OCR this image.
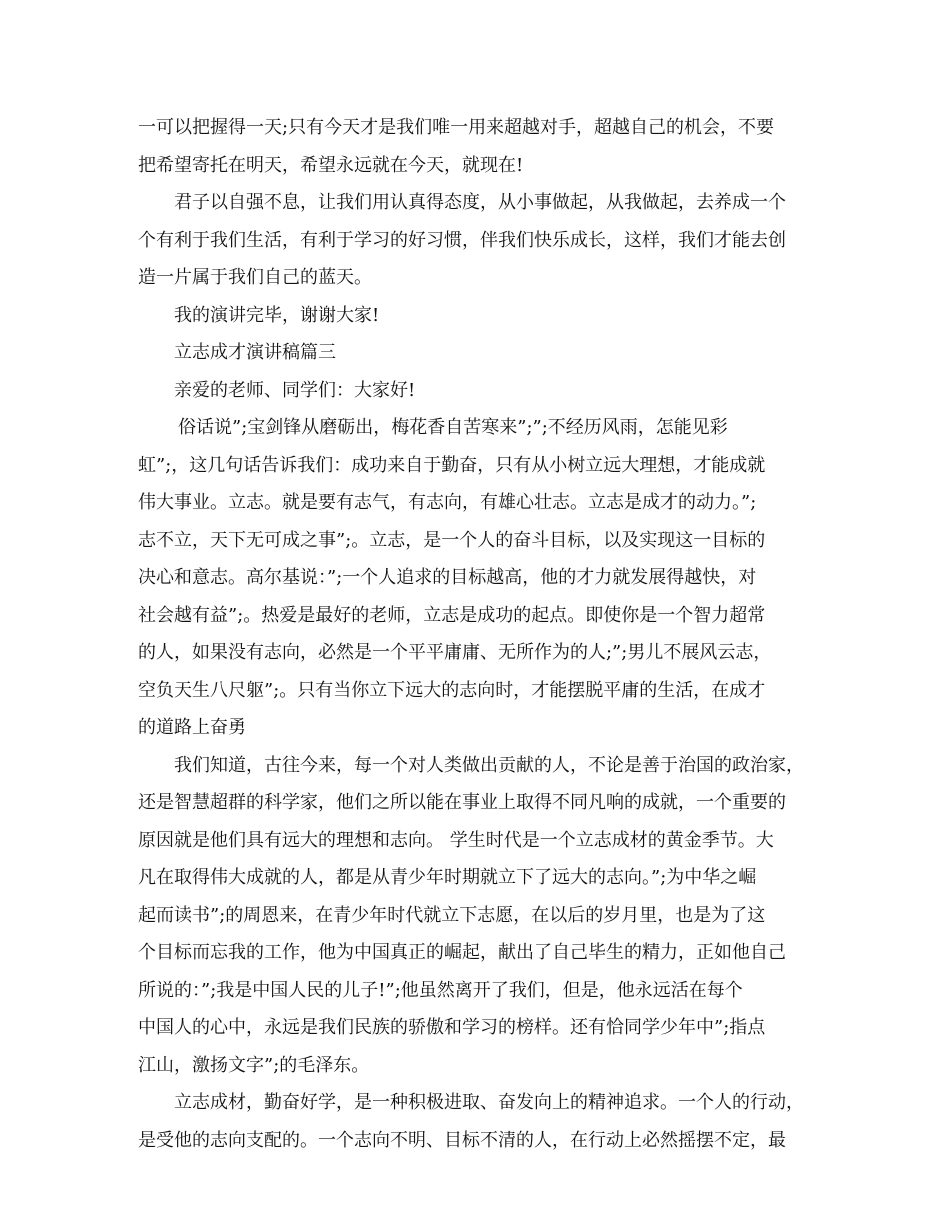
一可以把握得一天;只有今天才是我们唯一用来超越对手，超越自己的机会，不要

把希望寄托在明天，希望永远就在今天，就现在!

君子以自强不息，让我们用认真得态度，从小事做起，从我做起，去养成一个

个有利于我们生活，有利于学习的好习惯，伴我们快乐成长，这样，我们才能去创

造一片属于我们自己的蓝天。

我的演讲完毕，谢谢大家!

立志成才演讲稿篇三

亲爱的老师、同学们：大家好!

俗话说”;宝剑锋从磨砺出，梅花香自苦寒来”;”;不经历风雨，怎能见彩

虹”;，这几句话告诉我们：成功来自于勤奋，只有从小树立远大理想，才能成就

伟大事业。立志。就是要有志气，有志向，有雄心壮志。立志是成才的动力。”;

志不立，天下无可成之事”;。立志，是一个人的奋斗目标，以及实现这一目标的

决心和意志。高尔基说：”;一个人追求的目标越高，他的才力就发展得越快，对

社会越有益”;。热爱是最好的老师，立志是成功的起点。即使你是一个智力超常

的人，如果没有志向，必然是一个平平庸庸、无所作为的人;”;男儿不展风云志，

空负天生八尺躯”;。只有当你立下远大的志向时，才能摆脱平庸的生活，在成才

的道路上奋勇

我们知道，古往今来，每一个对人类做出贡献的人，不论是善于治国的政治家，

还是智慧超群的科学家，他们之所以能在事业上取得不同凡响的成就，一个重要的

原因就是他们具有远大的理想和志向。 学生时代是一个立志成材的黄金季节。大

凡在取得伟大成就的人，都是从青少年时期就立下了远大的志向。”;为中华之崛

起而读书”;的周恩来，在青少年时代就立下志愿，在以后的岁月里，也是为了这

个目标而忘我的工作，他为中国真正的崛起，献出了自己毕生的精力，正如他自己

所说的：”;我是中国人民的儿子!”;他虽然离开了我们，但是，他永远活在每个

中国人的心中，永远是我们民族的骄傲和学习的榜样。还有恰同学少年中”;指点

江山，激扬文字”;的毛泽东。

立志成材，勤奋好学，是一种积极进取、奋发向上的精神追求。一个人的行动，

是受他的志向支配的。一个志向不明、目标不清的人，在行动上必然摇摆不定，最
